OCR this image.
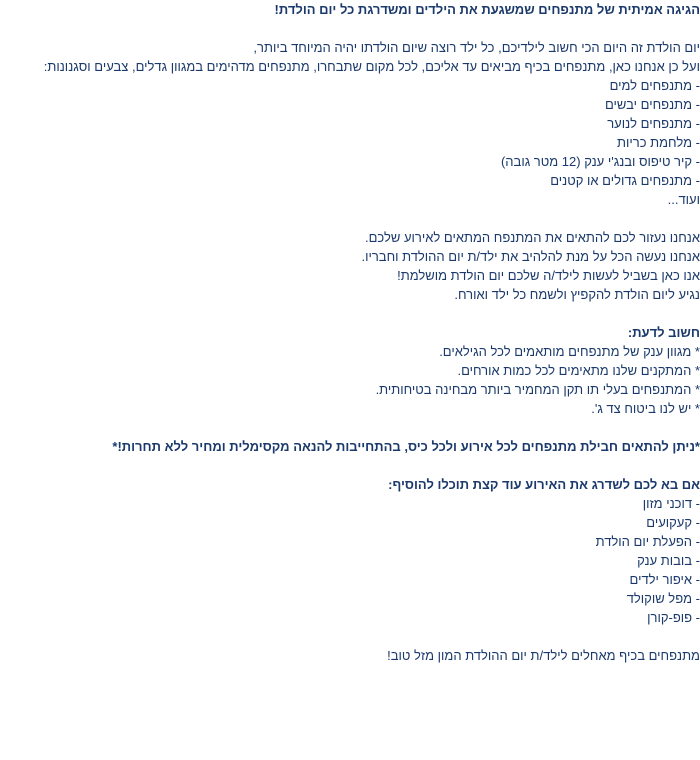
הגיגה אמיתית של מתנפחים שמשגעת את הילדים ומשדרגת כל יום הולדת!
יום הולדת זה היום הכי חשוב לילדיכם, כל ילד רוצה שיום הולדתו יהיה המיוחד ביותר,
ועל כן אנחנו כאן, מתנפחים בכיף מביאים עד אליכם, לכל מקום שתבחרו, מתנפחים מדהימים במגוון גדלים, צבעים וסגנונות:
- מתנפחים למים
- מתנפחים יבשים
- מתנפחים לנוער
- מלחמת כריות
- קיר טיפוס ובנג'י ענק (12 מטר גובה)
- מתנפחים גדולים או קטנים
ועוד...
אנחנו נעזור לכם להתאים את המתנפח המתאים לאירוע שלכם.
אנחנו נעשה הכל על מנת להלהיב את ילד/ת יום ההולדת וחבריו.
אנו כאן בשביל לעשות לילד/ה שלכם יום הולדת מושלמת!
נגיע ליום הולדת להקפיץ ולשמח כל ילד ואורח.
חשוב לדעת:
* מגוון ענק של מתנפחים מותאמים לכל הגילאים.
* המתקנים שלנו מתאימים לכל כמות אורחים.
* המתנפחים בעלי תו תקן המחמיר ביותר מבחינה בטיחותית.
* יש לנו ביטוח צד ג'.
*ניתן להתאים חבילת מתנפחים לכל אירוע ולכל כיס, בהתחייבות להנאה מקסימלית ומחיר ללא תחרות!*
אם בא לכם לשדרג את האירוע עוד קצת תוכלו להוסיף:
- דוכני מזון
- קעקועים
- הפעלת יום הולדת
- בובות ענק
- איפור ילדים
- מפל שוקולד
- פופ-קורן
מתנפחים בכיף מאחלים לילד/ת יום ההולדת המון מזל טוב!
